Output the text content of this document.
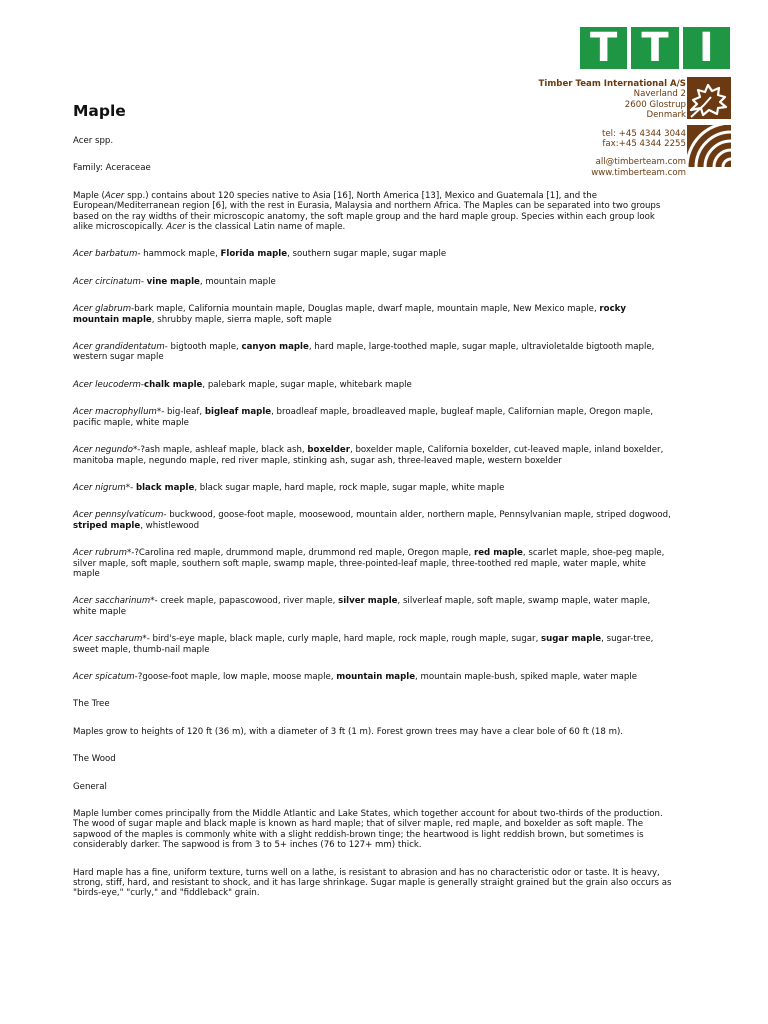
T T I
Timber Team International A/S
Naverland 2
2600 Glostrup
Denmark
tel: +45 4344 3044
fax:+45 4344 2255
all@timberteam.com
www.timberteam.com
Maple

Acer spp.

Family: Aceraceae

Maple (Acer spp.) contains about 120 species native to Asia [16], North America [13], Mexico and Guatemala [1], and the European/Mediterranean region [6], with the rest in Eurasia, Malaysia and northern Africa. The Maples can be separated into two groups based on the ray widths of their microscopic anatomy, the soft maple group and the hard maple group. Species within each group look alike microscopically. Acer is the classical Latin name of maple.

Acer barbatum- hammock maple, Florida maple, southern sugar maple, sugar maple

Acer circinatum- vine maple, mountain maple

Acer glabrum-bark maple, California mountain maple, Douglas maple, dwarf maple, mountain maple, New Mexico maple, rocky mountain maple, shrubby maple, sierra maple, soft maple

Acer grandidentatum- bigtooth maple, canyon maple, hard maple, large-toothed maple, sugar maple, ultravioletalde bigtooth maple, western sugar maple

Acer leucoderm-chalk maple, palebark maple, sugar maple, whitebark maple

Acer macrophyllum*- big-leaf, bigleaf maple, broadleaf maple, broadleaved maple, bugleaf maple, Californian maple, Oregon maple, pacific maple, white maple

Acer negundo*-?ash maple, ashleaf maple, black ash, boxelder, boxelder maple, California boxelder, cut-leaved maple, inland boxelder, manitoba maple, negundo maple, red river maple, stinking ash, sugar ash, three-leaved maple, western boxelder

Acer nigrum*- black maple, black sugar maple, hard maple, rock maple, sugar maple, white maple

Acer pennsylvaticum- buckwood, goose-foot maple, moosewood, mountain alder, northern maple, Pennsylvanian maple, striped dogwood, striped maple, whistlewood

Acer rubrum*-?Carolina red maple, drummond maple, drummond red maple, Oregon maple, red maple, scarlet maple, shoe-peg maple, silver maple, soft maple, southern soft maple, swamp maple, three-pointed-leaf maple, three-toothed red maple, water maple, white maple

Acer saccharinum*- creek maple, papascowood, river maple, silver maple, silverleaf maple, soft maple, swamp maple, water maple, white maple

Acer saccharum*- bird's-eye maple, black maple, curly maple, hard maple, rock maple, rough maple, sugar, sugar maple, sugar-tree, sweet maple, thumb-nail maple

Acer spicatum-?goose-foot maple, low maple, moose maple, mountain maple, mountain maple-bush, spiked maple, water maple

The Tree

Maples grow to heights of 120 ft (36 m), with a diameter of 3 ft (1 m). Forest grown trees may have a clear bole of 60 ft (18 m).

The Wood

General

Maple lumber comes principally from the Middle Atlantic and Lake States, which together account for about two-thirds of the production. The wood of sugar maple and black maple is known as hard maple; that of silver maple, red maple, and boxelder as soft maple. The sapwood of the maples is commonly white with a slight reddish-brown tinge; the heartwood is light reddish brown, but sometimes is considerably darker. The sapwood is from 3 to 5+ inches (76 to 127+ mm) thick.

Hard maple has a fine, uniform texture, turns well on a lathe, is resistant to abrasion and has no characteristic odor or taste. It is heavy, strong, stiff, hard, and resistant to shock, and it has large shrinkage. Sugar maple is generally straight grained but the grain also occurs as "birds-eye," "curly," and "fiddleback" grain.
